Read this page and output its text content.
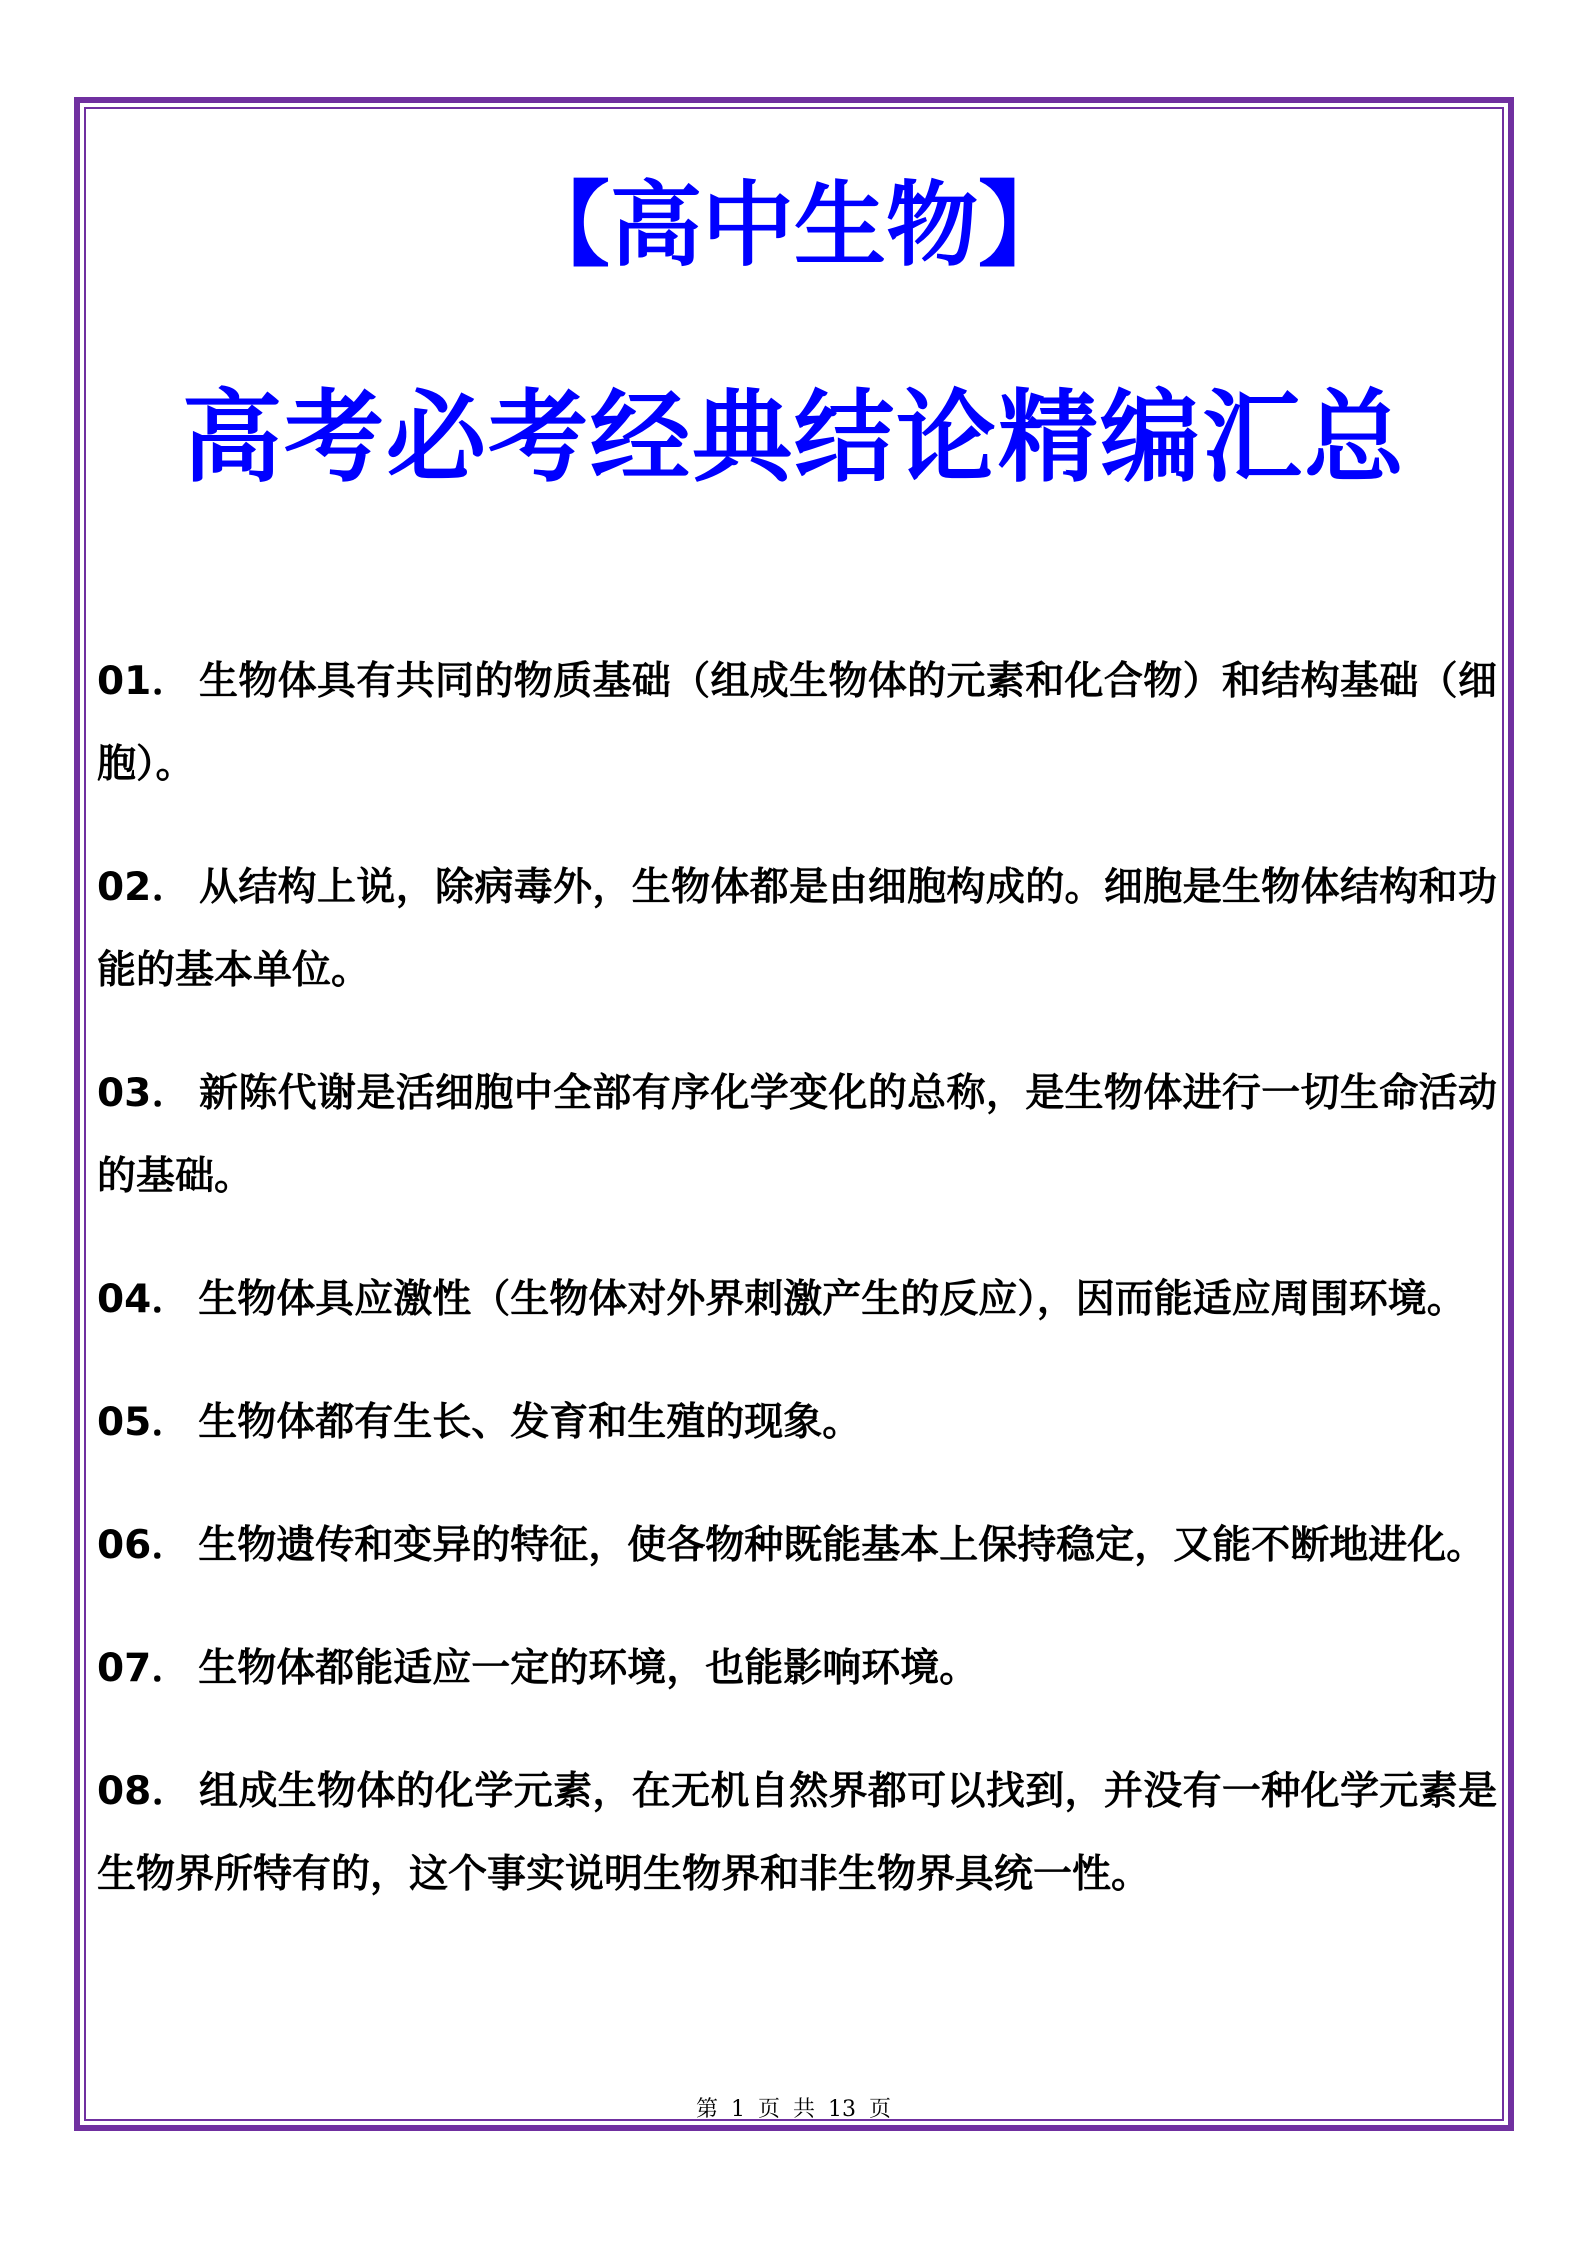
【高中生物】
高考必考经典结论精编汇总

01． 生物体具有共同的物质基础（组成生物体的元素和化合物）和结构基础（细胞）。

02． 从结构上说，除病毒外，生物体都是由细胞构成的。细胞是生物体结构和功能的基本单位。

03． 新陈代谢是活细胞中全部有序化学变化的总称，是生物体进行一切生命活动的基础。

04． 生物体具应激性（生物体对外界刺激产生的反应），因而能适应周围环境。

05． 生物体都有生长、发育和生殖的现象。

06． 生物遗传和变异的特征，使各物种既能基本上保持稳定，又能不断地进化。

07． 生物体都能适应一定的环境，也能影响环境。

08． 组成生物体的化学元素，在无机自然界都可以找到，并没有一种化学元素是生物界所特有的，这个事实说明生物界和非生物界具统一性。

第 1 页 共 13 页
